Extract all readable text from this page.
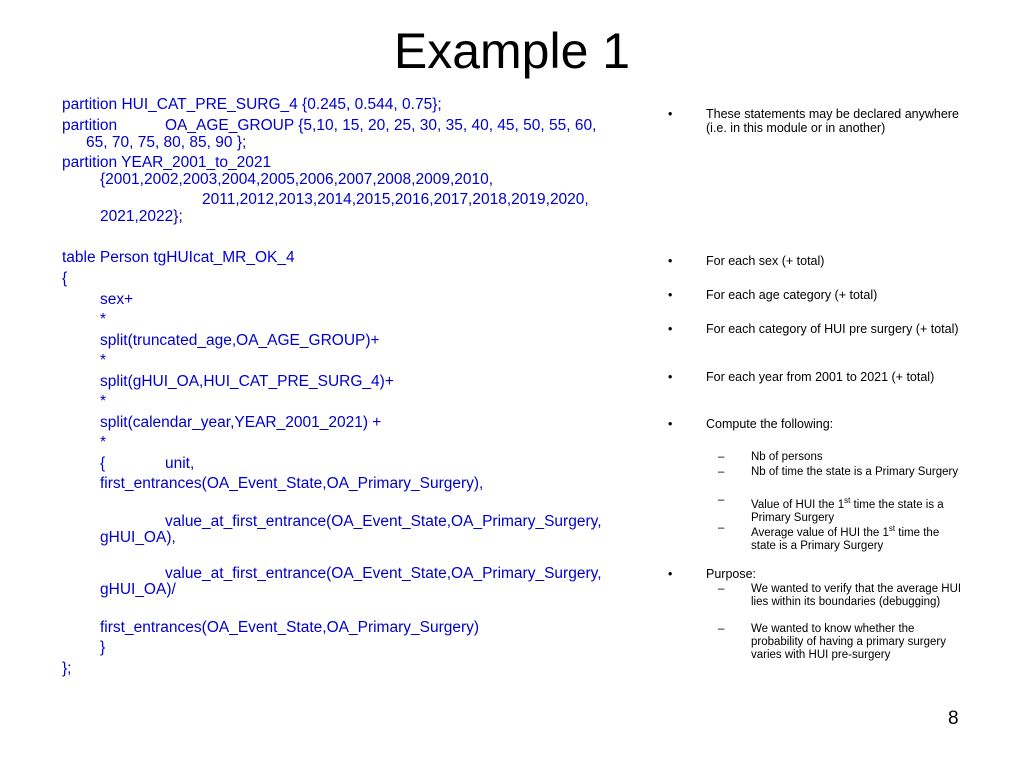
Example 1
partition HUI_CAT_PRE_SURG_4 {0.245, 0.544, 0.75};
partition	OA_AGE_GROUP {5,10, 15, 20, 25, 30, 35, 40, 45, 50, 55, 60,
65, 70, 75, 80, 85, 90 };
partition YEAR_2001_to_2021
{2001,2002,2003,2004,2005,2006,2007,2008,2009,2010,
2011,2012,2013,2014,2015,2016,2017,2018,2019,2020,
2021,2022};
table Person tgHUIcat_MR_OK_4
{
sex+
*
split(truncated_age,OA_AGE_GROUP)+
*
split(gHUI_OA,HUI_CAT_PRE_SURG_4)+
*
split(calendar_year,YEAR_2001_2021) +
*
{	unit,
first_entrances(OA_Event_State,OA_Primary_Surgery),
value_at_first_entrance(OA_Event_State,OA_Primary_Surgery,
gHUI_OA),
value_at_first_entrance(OA_Event_State,OA_Primary_Surgery,
gHUI_OA)/
first_entrances(OA_Event_State,OA_Primary_Surgery)
}
};
•	These statements may be declared anywhere (i.e. in this module or in another)
•	For each sex (+ total)
•	For each age category (+ total)
•	For each category of HUI pre surgery (+ total)
•	For each year from 2001 to 2021 (+ total)
•	Compute the following:
– Nb of persons
– Nb of time the state is a Primary Surgery
– Value of HUI the 1st time the state is a Primary Surgery
– Average value of HUI the 1st time the state is a Primary Surgery
•	Purpose:
– We wanted to verify that the average HUI lies within its boundaries (debugging)
– We wanted to know whether the probability of having a primary surgery varies with HUI pre-surgery
8
